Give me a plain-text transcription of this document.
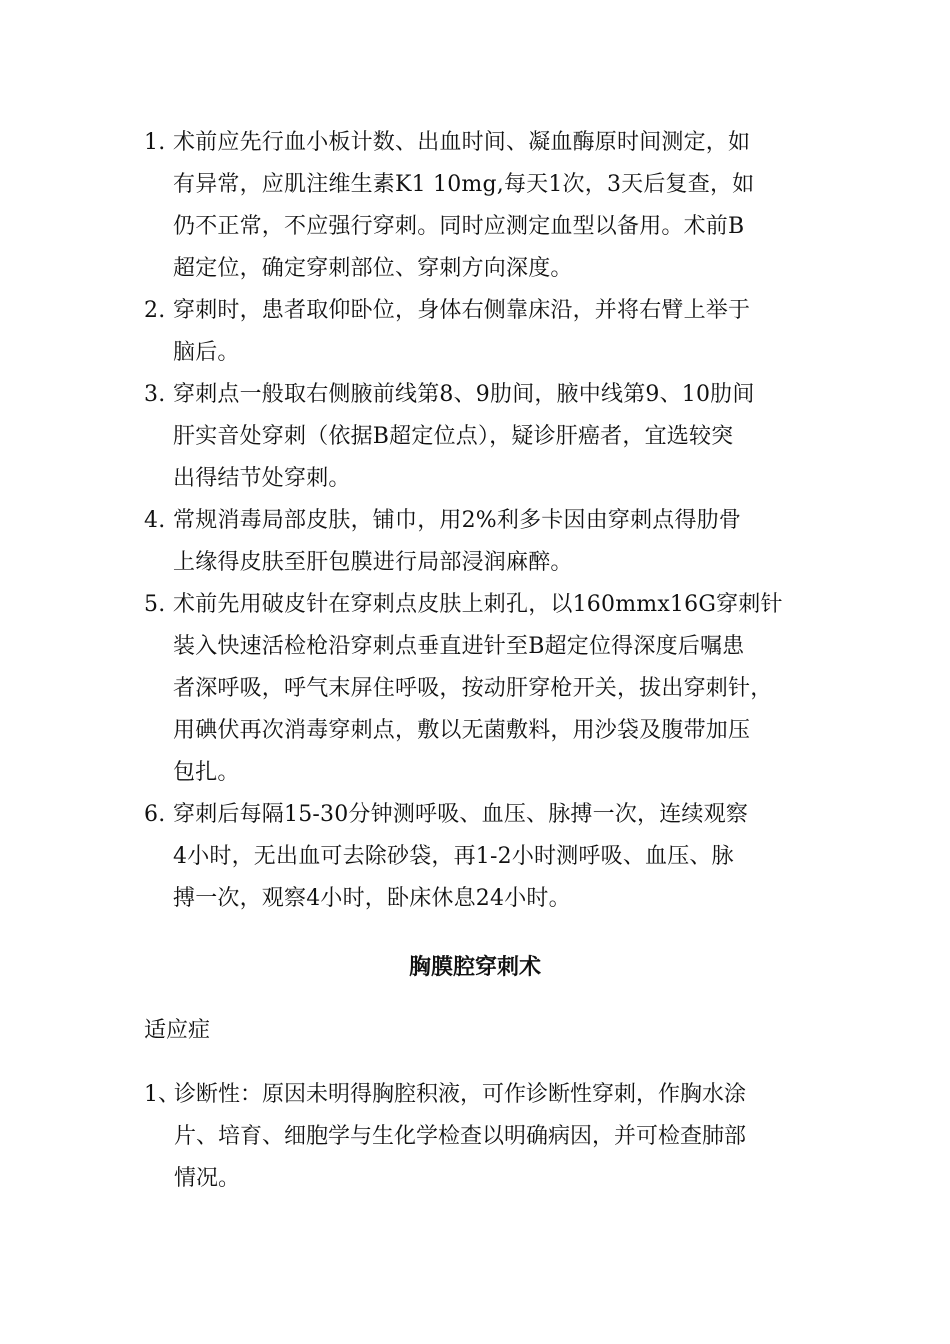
1. 术前应先行血小板计数、出血时间、凝血酶原时间测定，如
有异常，应肌注维生素K1 10mg,每天1次，3天后复查，如
仍不正常，不应强行穿刺。同时应测定血型以备用。术前B
超定位，确定穿刺部位、穿刺方向深度。
2. 穿刺时，患者取仰卧位，身体右侧靠床沿，并将右臂上举于
脑后。
3. 穿刺点一般取右侧腋前线第8、9肋间，腋中线第9、10肋间
肝实音处穿刺（依据B超定位点），疑诊肝癌者，宜选较突
出得结节处穿刺。
4. 常规消毒局部皮肤，铺巾，用2%利多卡因由穿刺点得肋骨
上缘得皮肤至肝包膜进行局部浸润麻醉。
5. 术前先用破皮针在穿刺点皮肤上刺孔，以160mmx16G穿刺针
装入快速活检枪沿穿刺点垂直进针至B超定位得深度后嘱患
者深呼吸，呼气末屏住呼吸，按动肝穿枪开关，拔出穿刺针，
用碘伏再次消毒穿刺点，敷以无菌敷料，用沙袋及腹带加压
包扎。
6. 穿刺后每隔15-30分钟测呼吸、血压、脉搏一次，连续观察
4小时，无出血可去除砂袋，再1-2小时测呼吸、血压、脉
搏一次，观察4小时，卧床休息24小时。
胸膜腔穿刺术
适应症
1、
诊断性：原因未明得胸腔积液，可作诊断性穿刺，作胸水涂
片、培育、细胞学与生化学检查以明确病因，并可检查肺部
情况。
